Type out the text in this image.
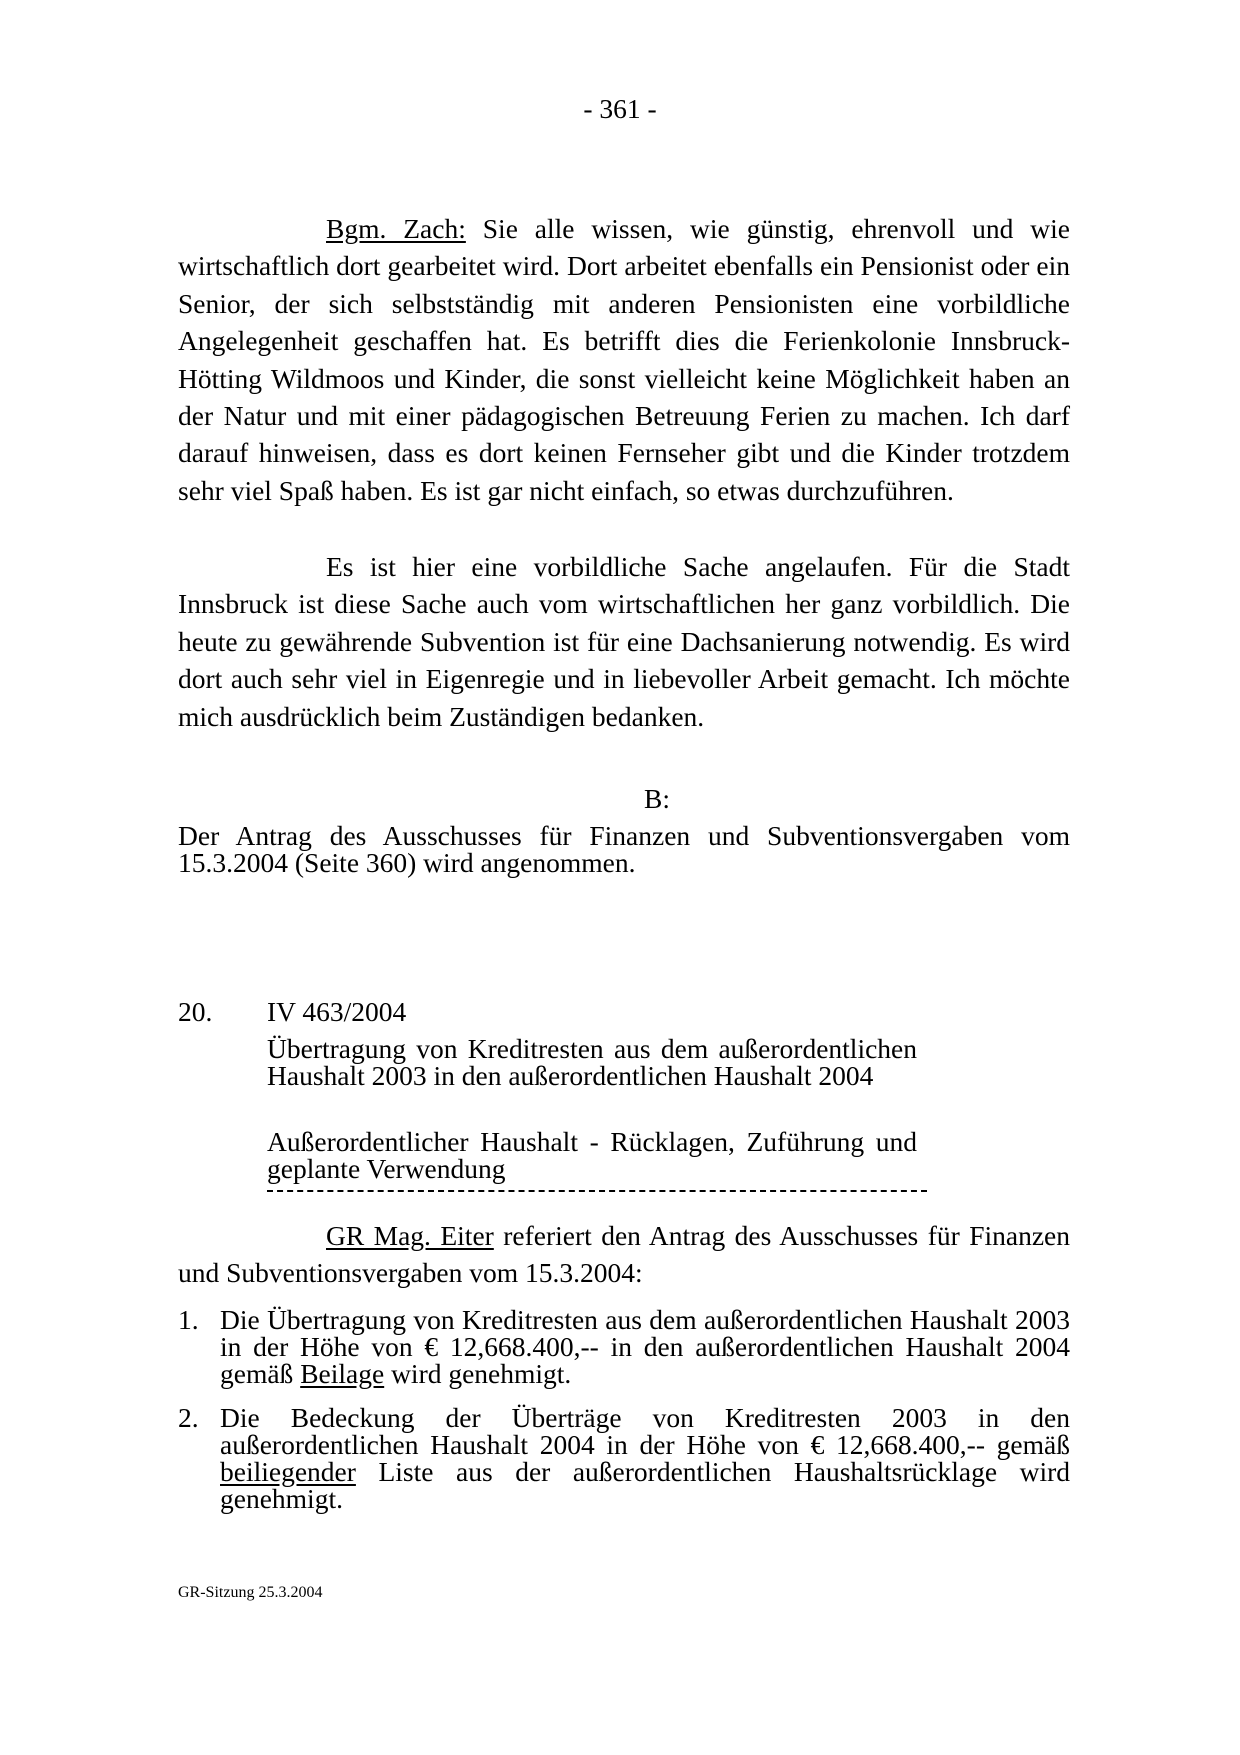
- 361 -

Bgm. Zach: Sie alle wissen, wie günstig, ehrenvoll und wie wirtschaftlich dort gearbeitet wird. Dort arbeitet ebenfalls ein Pensionist oder ein Senior, der sich selbstständig mit anderen Pensionisten eine vorbildliche Angelegenheit geschaffen hat. Es betrifft dies die Ferienkolonie Innsbruck-Hötting Wildmoos und Kinder, die sonst vielleicht keine Möglichkeit haben an der Natur und mit einer pädagogischen Betreuung Ferien zu machen. Ich darf darauf hinweisen, dass es dort keinen Fernseher gibt und die Kinder trotzdem sehr viel Spaß haben. Es ist gar nicht einfach, so etwas durchzuführen.

Es ist hier eine vorbildliche Sache angelaufen. Für die Stadt Innsbruck ist diese Sache auch vom wirtschaftlichen her ganz vorbildlich. Die heute zu gewährende Subvention ist für eine Dachsanierung notwendig. Es wird dort auch sehr viel in Eigenregie und in liebevoller Arbeit gemacht. Ich möchte mich ausdrücklich beim Zuständigen bedanken.

B:

Der Antrag des Ausschusses für Finanzen und Subventionsvergaben vom 15.3.2004 (Seite 360) wird angenommen.

20. IV 463/2004

Übertragung von Kreditresten aus dem außerordentlichen Haushalt 2003 in den außerordentlichen Haushalt 2004

Außerordentlicher Haushalt - Rücklagen, Zuführung und geplante Verwendung

GR Mag. Eiter referiert den Antrag des Ausschusses für Finanzen und Subventionsvergaben vom 15.3.2004:

1. Die Übertragung von Kreditresten aus dem außerordentlichen Haushalt 2003 in der Höhe von € 12,668.400,-- in den außerordentlichen Haushalt 2004 gemäß Beilage wird genehmigt.

2. Die Bedeckung der Überträge von Kreditresten 2003 in den außerordentlichen Haushalt 2004 in der Höhe von € 12,668.400,-- gemäß beiliegender Liste aus der außerordentlichen Haushaltsrücklage wird genehmigt.

GR-Sitzung 25.3.2004
